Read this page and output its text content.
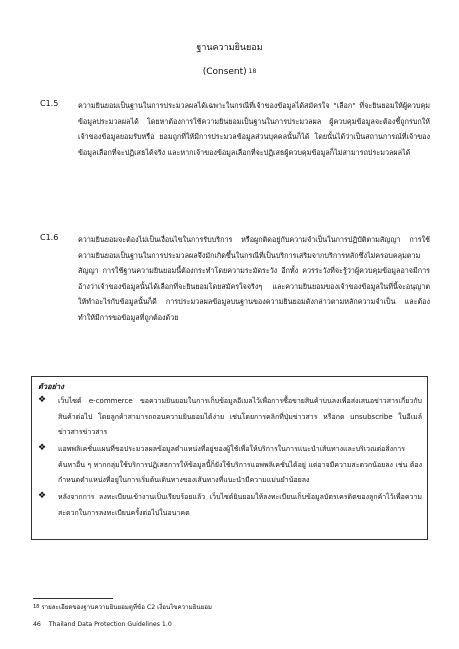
ฐานความยินยอม
(Consent) $^{18}$
C1.5	ความยินยอมเป็นฐานในการประมวลผลได้เฉพาะในกรณีที่เจ้าของข้อมูลได้สมัครใจ "เลือก" ที่จะยินยอมให้ผู้ควบคุมข้อมูลประมวลผลได้ โดยหาต้องการใช้ความยินยอมเป็นฐานในการประมวลผล ผู้ควบคุมข้อมูลจะต้องชี้ถูกรบกให้เจ้าของข้อมูลยอมรับหรือ ยอมถูกที่ให้มีการประมวลข้อมูลส่วนบุคคลนั้นก็ได้ โดยนั้นได้ว่าเป็นสถานการณ์ที่เจ้าของข้อมูลเลือกที่จะปฏิเสธได้จริง และหากเจ้าของข้อมูลเลือกที่จะปฏิเสธผู้ควบคุมข้อมูลก็ไม่สามารถประมวลผลได้
C1.6	ความยินยอมจะต้องไม่เป็นเงื่อนไขในการรับบริการ หรือผูกติดอยู่กับความจำเป็นในการปฏิบัติตามสัญญา การใช้ความยินยอมเป็นฐานในการประมวลผลจึงมักเกิดขึ้นในกรณีที่เป็นบริการเสริมจากบริการหลักซึ่งไม่ครอบคลุมตามสัญญา การใช้ฐานความยินยอมนี้ต้องกระทำโดยความระมัดระวัง อีกทั้ง ควรระวังที่จะรู้ว่าผู้ควบคุมข้อมูลอาจมีการอ้างว่าเจ้าของข้อมูลนั้นได้เลือกที่จะยินยอมโดยสมัครใจจริงๆ และความยินยอมของเจ้าของข้อมูลในที่นี้จะอนุญาตให้ทำอะไรกับข้อมูลนั้นก็ดี การประมวลผลข้อมูลบนฐานของความยินยอมดังกล่าวตามหลักความจำเป็น และต้องทำให้มีการขอข้อมูลที่ถูกต้องด้วย
ตัวอย่าง
❖ เว็บไซต์ e-commerce ขอความยินยอมในการเก็บข้อมูลอีเมลไว้เพื่อการซื้อขายสินค้าบนลงเพื่อส่งเสนอข่าวสารเกี่ยวกับสินค้าต่อไป โดยลูกค้าสามารถถอนความยินยอมได้ง่าย เช่นโดยการคลิกที่ปุ่มข่าวสาร หรือกด unsubscribe ในอีเมล์ข่าวสารข่าวสาร
❖ แอพพลิเคชั่นแผนที่ขอประมวลผลข้อมูลตำแหน่งที่อยู่ของผู้ใช้เพื่อให้บริการในการแนะนำเส้นทางและบริเวณต่อสิ่งการค้นหาอื่น ๆ หากกลุ่มใช้บริการปฏิเสธการให้ข้อมูลนี้ก็ยังใช้บริการแอพพลิเคชั่นได้อยู่ แต่อาจมีความสะดวกน้อยลง เช่น ต้องกำหนดตำแหน่งที่อยู่ในการเริ่มต้นเดินทางของเส้นทางที่แนะนำมีความแม่นยำน้อยลง
❖ หลังจากการ ลงทะเบียนเข้างานเป็นเรียบร้อยแล้ว เว็บไซต์ยินยอมให้ลงทะเบียนเก็บข้อมูลบัตรเครดิตของลูกค้าไว้เพื่อความสะดวกในการลงทะเบียนครั้งต่อไปในอนาคต
$^{18}$ รายละเอียดของฐานความยินยอมดูที่ข้อ C2 เงื่อนไขความยินยอม
46 Thailand Data Protection Guidelines 1.0
